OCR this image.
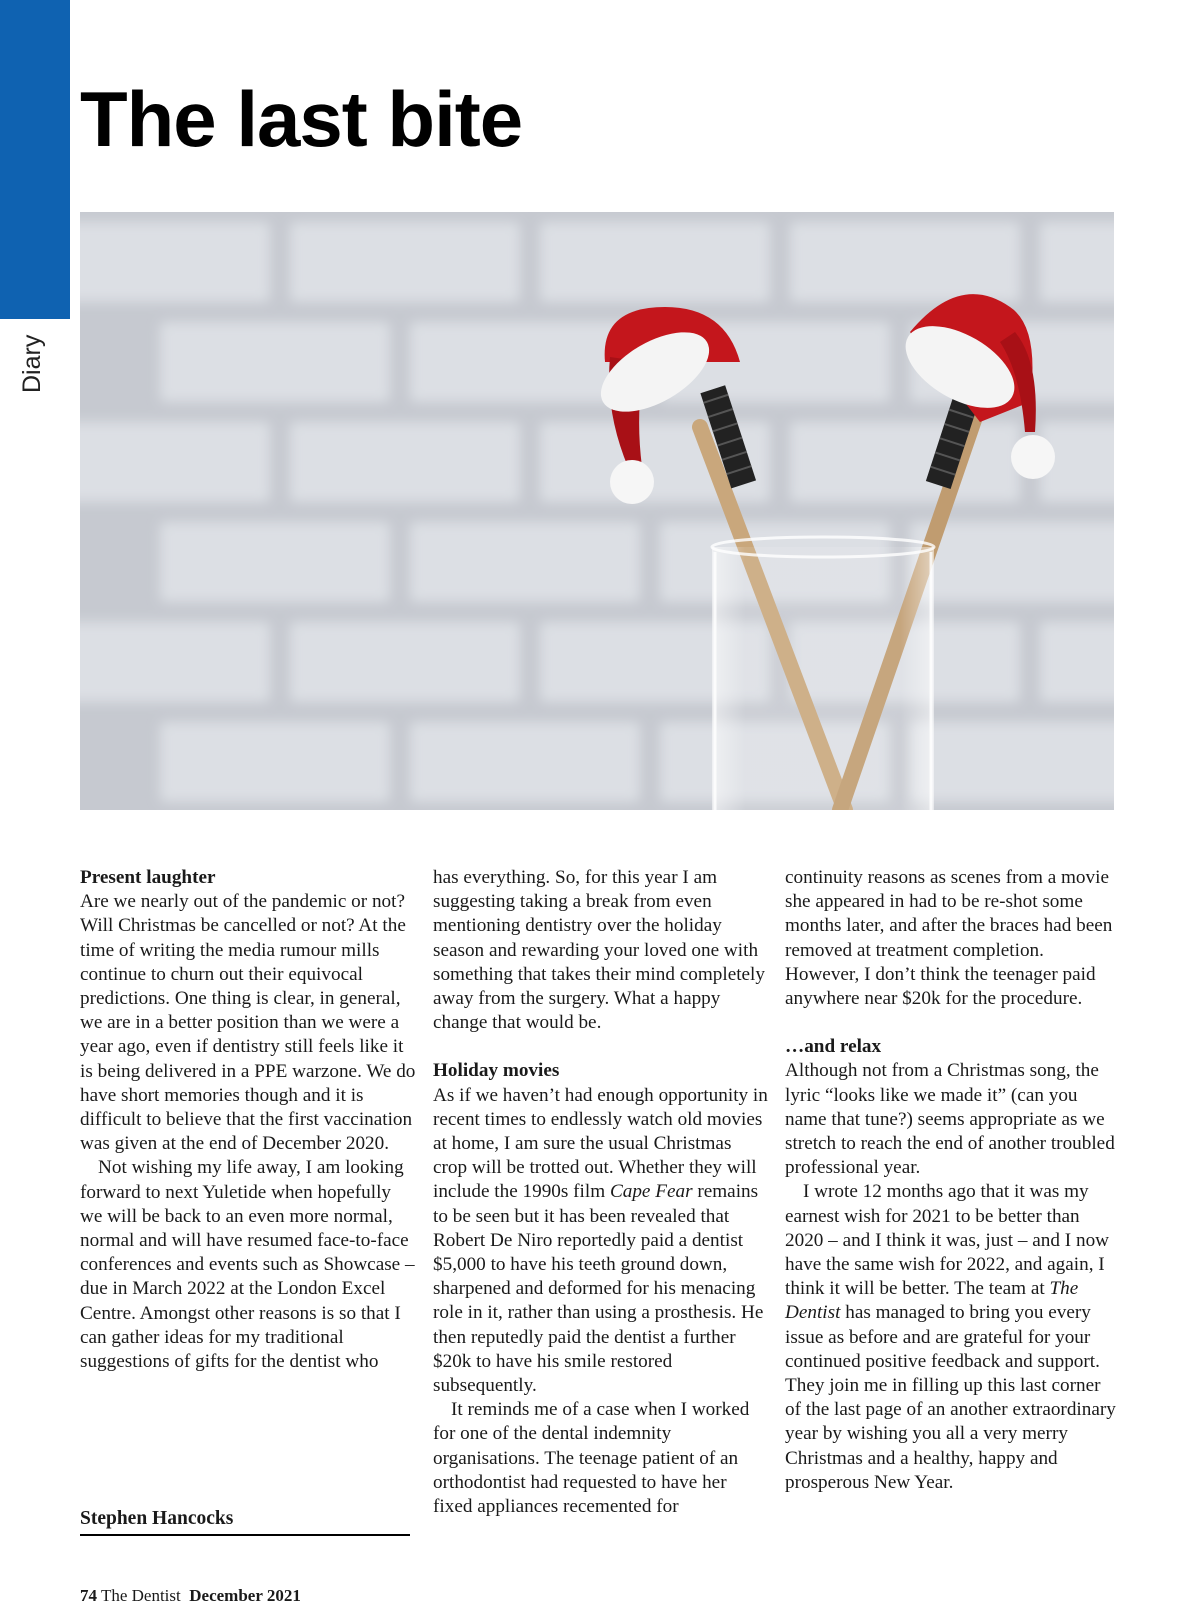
Diary
The last bite
Present laughter

Are we nearly out of the pandemic or not? Will Christmas be cancelled or not? At the time of writing the media rumour mills continue to churn out their equivocal predictions. One thing is clear, in general, we are in a better position than we were a year ago, even if dentistry still feels like it is being delivered in a PPE warzone. We do have short memories though and it is difficult to believe that the first vaccination was given at the end of December 2020.

Not wishing my life away, I am looking forward to next Yuletide when hopefully we will be back to an even more normal, normal and will have resumed face-to-face conferences and events such as Showcase – due in March 2022 at the London Excel Centre. Amongst other reasons is so that I can gather ideas for my traditional suggestions of gifts for the dentist who

has everything. So, for this year I am suggesting taking a break from even mentioning dentistry over the holiday season and rewarding your loved one with something that takes their mind completely away from the surgery. What a happy change that would be.

Holiday movies

As if we haven’t had enough opportunity in recent times to endlessly watch old movies at home, I am sure the usual Christmas crop will be trotted out. Whether they will include the 1990s film Cape Fear remains to be seen but it has been revealed that Robert De Niro reportedly paid a dentist $5,000 to have his teeth ground down, sharpened and deformed for his menacing role in it, rather than using a prosthesis. He then reputedly paid the dentist a further $20k to have his smile restored subsequently.

It reminds me of a case when I worked for one of the dental indemnity organisations. The teenage patient of an orthodontist had requested to have her fixed appliances recemented for

continuity reasons as scenes from a movie she appeared in had to be re-shot some months later, and after the braces had been removed at treatment completion. However, I don’t think the teenager paid anywhere near $20k for the procedure.

…and relax

Although not from a Christmas song, the lyric “looks like we made it” (can you name that tune?) seems appropriate as we stretch to reach the end of another troubled professional year.

I wrote 12 months ago that it was my earnest wish for 2021 to be better than 2020 – and I think it was, just – and I now have the same wish for 2022, and again, I think it will be better. The team at The Dentist has managed to bring you every issue as before and are grateful for your continued positive feedback and support. They join me in filling up this last corner of the last page of an another extraordinary year by wishing you all a very merry Christmas and a healthy, happy and prosperous New Year.

Stephen Hancocks
74 The Dentist December 2021
